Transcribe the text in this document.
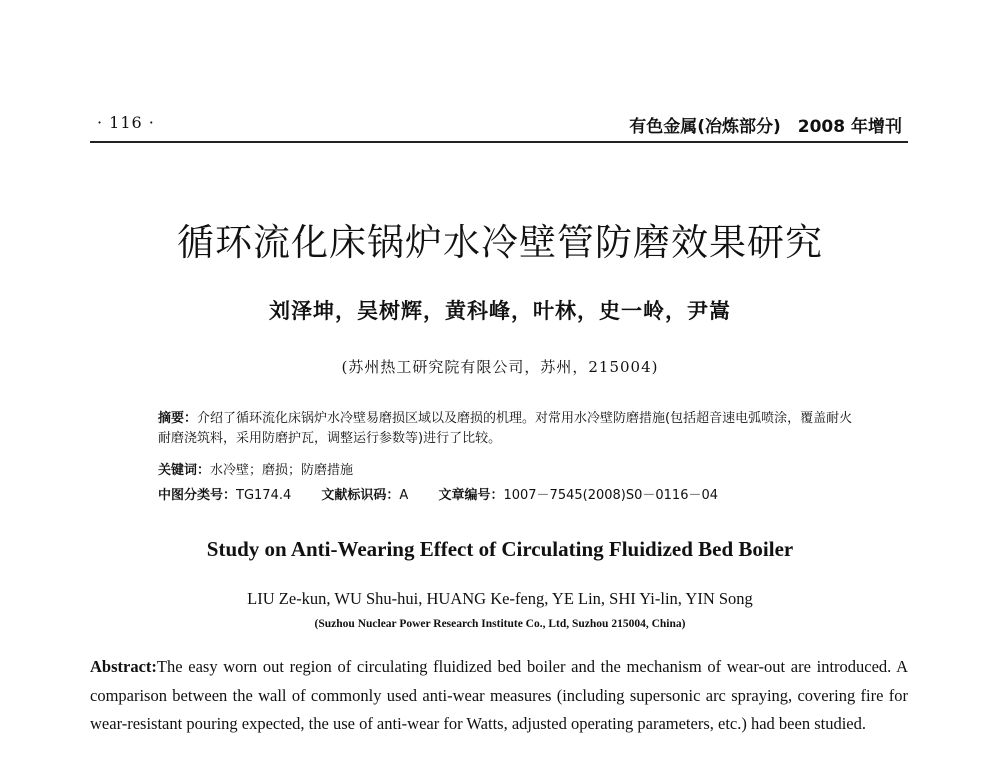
· 116 ·	有色金属(冶炼部分)　2008 年增刊
循环流化床锅炉水冷壁管防磨效果研究
刘泽坤，吴树辉，黄科峰，叶林，史一岭，尹嵩
(苏州热工研究院有限公司，苏州，215004)
摘要：介绍了循环流化床锅炉水冷壁易磨损区域以及磨损的机理。对常用水冷壁防磨措施(包括超音速电弧喷涂，覆盖耐火耐磨浇筑料，采用防磨护瓦，调整运行参数等)进行了比较。
关键词：水冷壁；磨损；防磨措施
中图分类号：TG174.4 文献标识码：A 文章编号：1007－7545(2008)S0－0116－04
Study on Anti-Wearing Effect of Circulating Fluidized Bed Boiler
LIU Ze-kun, WU Shu-hui, HUANG Ke-feng, YE Lin, SHI Yi-lin, YIN Song
(Suzhou Nuclear Power Research Institute Co., Ltd, Suzhou 215004, China)
Abstract:The easy worn out region of circulating fluidized bed boiler and the mechanism of wear-out are introduced. A comparison between the wall of commonly used anti-wear measures (including supersonic arc spraying, covering fire for wear-resistant pouring expected, the use of anti-wear for Watts, adjusted operating parameters, etc.) had been studied.
